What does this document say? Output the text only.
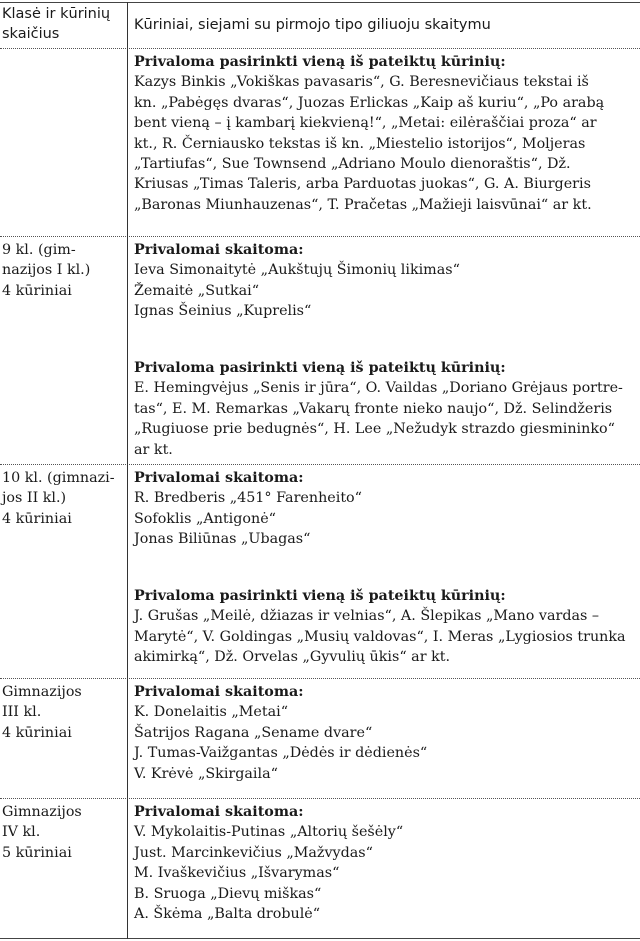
Klasė ir kūrinių
skaičius
Kūriniai, siejami su pirmojo tipo giliuoju skaitymu
Privaloma pasirinkti vieną iš pateiktų kūrinių:
Kazys Binkis „Vokiškas pavasaris“, G. Beresnevičiaus tekstai iš
kn. „Pabėgęs dvaras“, Juozas Erlickas „Kaip aš kuriu“, „Po arabą
bent vieną – į kambarį kiekvieną!“, „Metai: eilėraščiai proza“ ar
kt., R. Černiausko tekstas iš kn. „Miestelio istorijos“, Moljeras
„Tartiufas“, Sue Townsend „Adriano Moulo dienoraštis“, Dž.
Kriusas „Timas Taleris, arba Parduotas juokas“, G. A. Biurgeris
„Baronas Miunhauzenas“, T. Pračetas „Mažieji laisvūnai“ ar kt.
9 kl. (gim-
nazijos I kl.)
4 kūriniai
Privalomai skaitoma:
Ieva Simonaitytė „Aukštujų Šimonių likimas“
Žemaitė „Sutkai“
Ignas Šeinius „Kuprelis“
Privaloma pasirinkti vieną iš pateiktų kūrinių:
E. Hemingvėjus „Senis ir jūra“, O. Vaildas „Doriano Grėjaus portre-
tas“, E. M. Remarkas „Vakarų fronte nieko naujo“, Dž. Selindžeris
„Rugiuose prie bedugnės“, H. Lee „Nežudyk strazdo giesmininko“
ar kt.
10 kl. (gimnazi-
jos II kl.)
4 kūriniai
Privalomai skaitoma:
R. Bredberis „451° Farenheito“
Sofoklis „Antigonė“
Jonas Biliūnas „Ubagas“
Privaloma pasirinkti vieną iš pateiktų kūrinių:
J. Grušas „Meilė, džiazas ir velnias“, A. Šlepikas „Mano vardas –
Marytė“, V. Goldingas „Musių valdovas“, I. Meras „Lygiosios trunka
akimirką“, Dž. Orvelas „Gyvulių ūkis“ ar kt.
Gimnazijos
III kl.
4 kūriniai
Privalomai skaitoma:
K. Donelaitis „Metai“
Šatrijos Ragana „Sename dvare“
J. Tumas-Vaižgantas „Dėdės ir dėdienės“
V. Krėvė „Skirgaila“
Gimnazijos
IV kl.
5 kūriniai
Privalomai skaitoma:
V. Mykolaitis-Putinas „Altorių šešėly“
Just. Marcinkevičius „Mažvydas“
M. Ivaškevičius „Išvarymas“
B. Sruoga „Dievų miškas“
A. Škėma „Balta drobulė“
